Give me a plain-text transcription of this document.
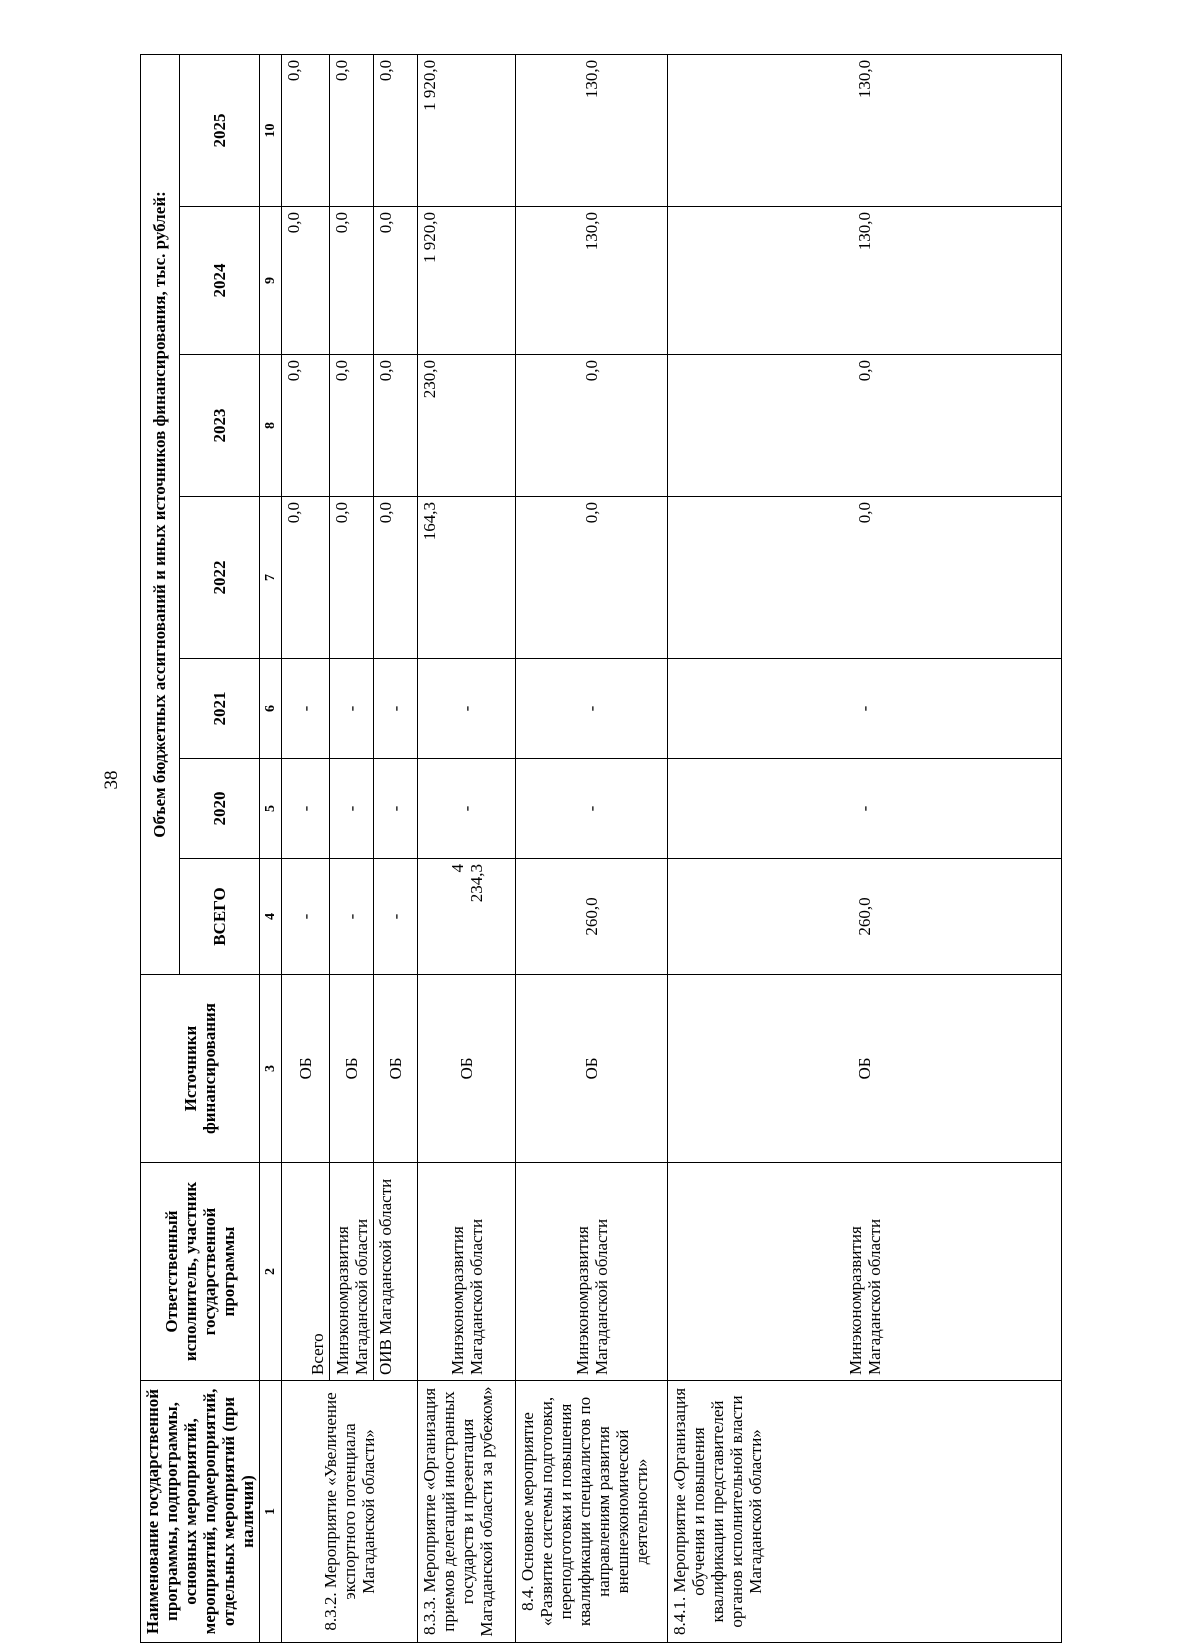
38
Наименование государственной программы, подпрограммы, основных мероприятий, мероприятий, подмероприятий, отдельных мероприятий (при наличии)	Ответственный исполнитель, участник государственной программы	Источники финансирования	Объем бюджетных ассигнований и иных источников финансирования, тыс. рублей:						
			ВСЕГО	2020	2021	2022	2023	2024	2025
1	2	3	4	5	6	7	8	9	10
8.3.2. Мероприятие «Увеличение экспортного потенциала Магаданской области»	Всего	ОБ	-	-	-	0,0	0,0	0,0	0,0
	Минэкономразвития Магаданской области	ОБ	-	-	-	0,0	0,0	0,0	0,0
	ОИВ Магаданской области	ОБ	-	-	-	0,0	0,0	0,0	0,0
8.3.3. Мероприятие «Организация приемов делегаций иностранных государств и презентация Магаданской области за рубежом»	Минэкономразвития Магаданской области	ОБ	4 234,3	-	-	164,3	230,0	1 920,0	1 920,0
8.4. Основное мероприятие «Развитие системы подготовки, переподготовки и повышения квалификации специалистов по направлениям развития внешнеэкономической деятельности»	Минэкономразвития Магаданской области	ОБ	260,0	-	-	0,0	0,0	130,0	130,0
8.4.1. Мероприятие «Организация обучения и повышения квалификации представителей органов исполнительной власти Магаданской области»	Минэкономразвития Магаданской области	ОБ	260,0	-	-	0,0	0,0	130,0	130,0
